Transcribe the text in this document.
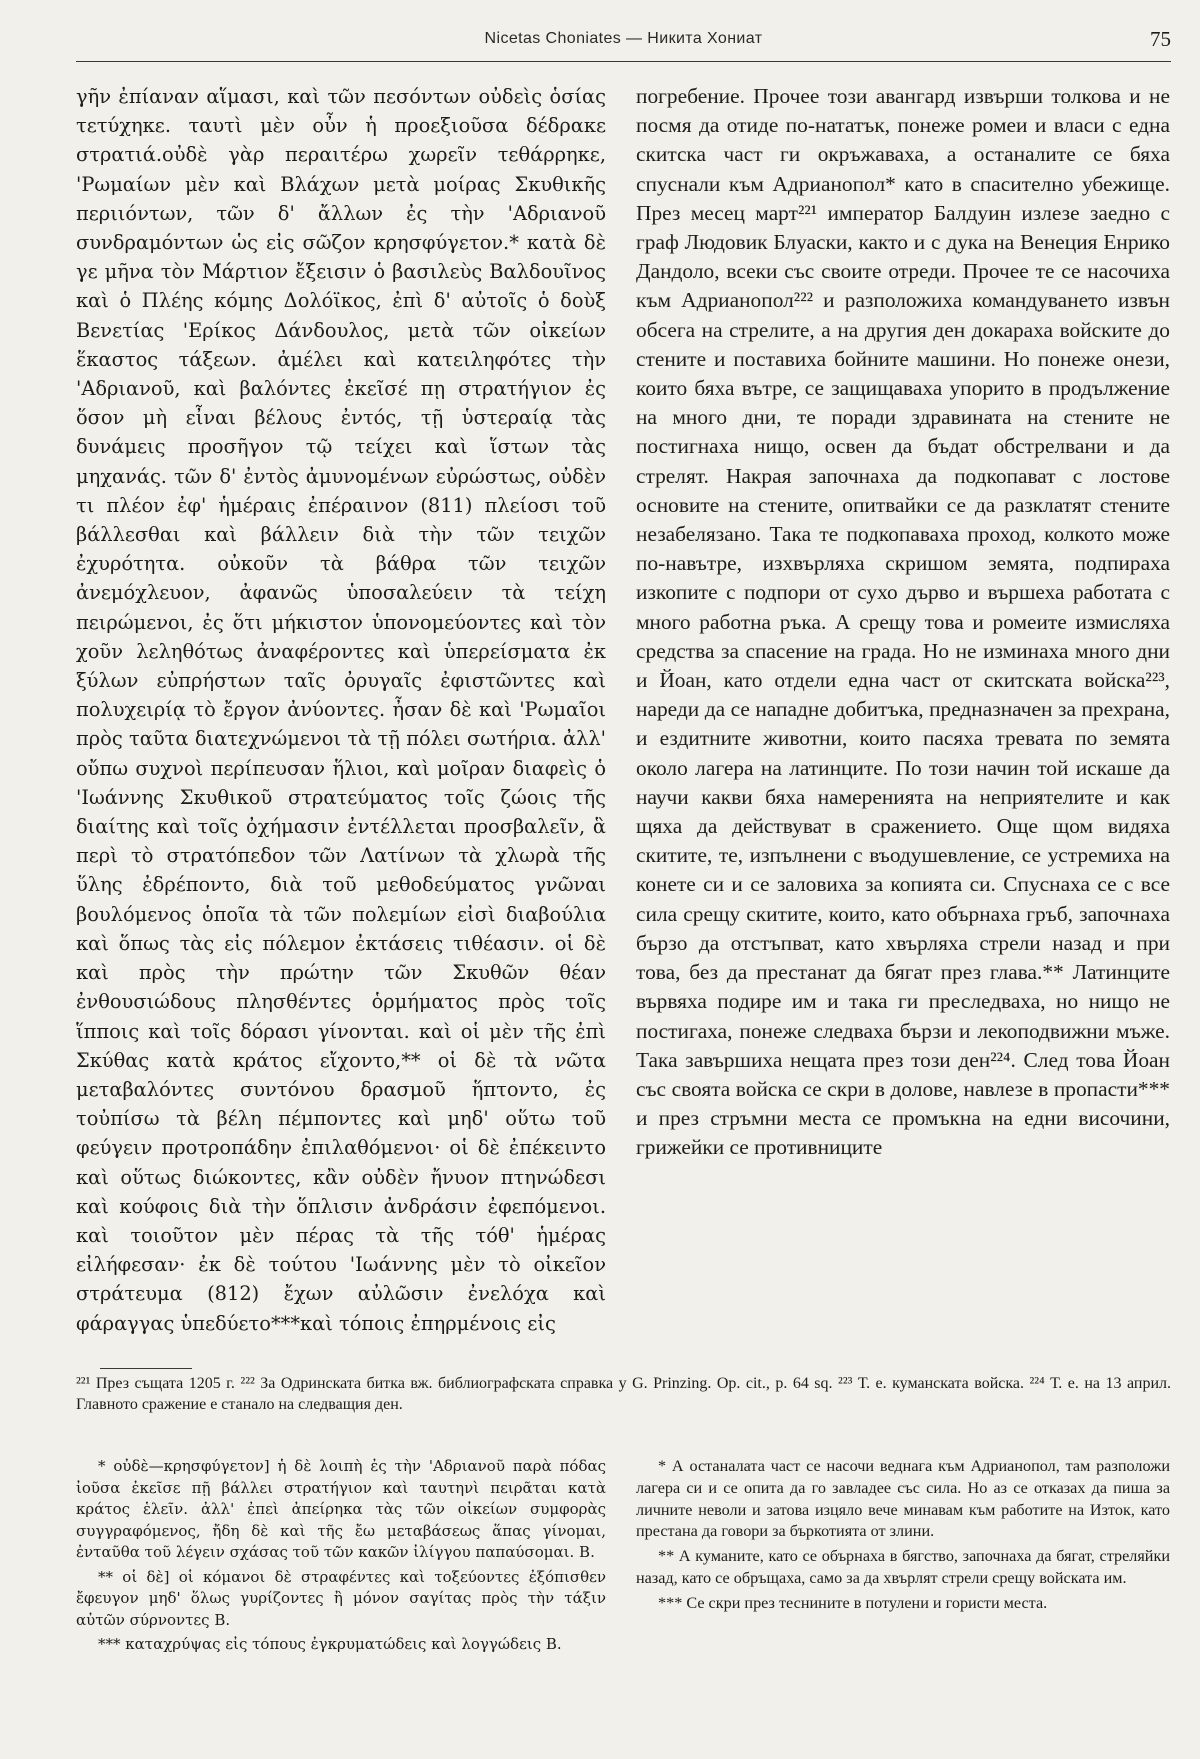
Nicetas Choniates — Никита Хониат	75

γῆν ἐπίαναν αἵμασι, καὶ τῶν πεσόντων οὐδεὶς ὁσίας τετύχηκε. ταυτὶ μὲν οὖν ἡ προεξιοῦσα δέδρακε στρατιά.οὐδὲ γὰρ περαιτέρω χωρεῖν τεθάρρηκε, 'Ρωμαίων μὲν καὶ Βλάχων μετὰ μοίρας Σκυθικῆς περιιόντων, τῶν δ' ἄλλων ἐς τὴν 'Αδριανοῦ συνδραμόντων ὡς εἰς σῶζον κρησφύγετον.* κατὰ δὲ γε μῆνα τὸν Μάρτιον ἔξεισιν ὁ βασιλεὺς Βαλδουῖνος καὶ ὁ Πλέης κόμης Δολόϊκος, ἐπὶ δ' αὐτοῖς ὁ δοὺξ Βενετίας 'Ερίκος Δάνδουλος, μετὰ τῶν οἰκείων ἕκαστος τάξεων. ἀμέλει καὶ κατειληφότες τὴν 'Αδριανοῦ, καὶ βαλόντες ἐκεῖσέ πῃ στρατήγιον ἐς ὅσον μὴ εἶναι βέλους ἐντός, τῇ ὑστεραίᾳ τὰς δυνάμεις προσῆγον τῷ τείχει καὶ ἵστων τὰς μηχανάς. τῶν δ' ἐντὸς ἀμυνομένων εὐρώστως, οὐδὲν τι πλέον ἐφ' ἡμέραις ἐπέραινον (811) πλείοσι τοῦ βάλλεσθαι καὶ βάλλειν διὰ τὴν τῶν τειχῶν ἐχυρότητα. οὐκοῦν τὰ βάθρα τῶν τειχῶν ἀνεμόχλευον, ἀφανῶς ὑποσαλεύειν τὰ τείχη πειρώμενοι, ἐς ὅτι μήκιστον ὑπονομεύοντες καὶ τὸν χοῦν λεληθότως ἀναφέροντες καὶ ὑπερείσματα ἐκ ξύλων εὐπρήστων ταῖς ὀρυγαῖς ἐφιστῶντες καὶ πολυχειρίᾳ τὸ ἔργον ἀνύοντες. ἦσαν δὲ καὶ 'Ρωμαῖοι πρὸς ταῦτα διατεχνώμενοι τὰ τῇ πόλει σωτήρια. ἀλλ' οὔπω συχνοὶ περίπευσαν ἥλιοι, καὶ μοῖραν διαφεὶς ὁ 'Ιωάννης Σκυθικοῦ στρατεύματος τοῖς ζώοις τῆς διαίτης καὶ τοῖς ὀχήμασιν ἐντέλλεται προσβαλεῖν, ἃ περὶ τὸ στρατόπεδον τῶν Λατίνων τὰ χλωρὰ τῆς ὕλης ἐδρέποντο, διὰ τοῦ μεθοδεύματος γνῶναι βουλόμενος ὁποῖα τὰ τῶν πολεμίων εἰσὶ διαβούλια καὶ ὅπως τὰς εἰς πόλεμον ἐκτάσεις τιθέασιν. οἱ δὲ καὶ πρὸς τὴν πρώτην τῶν Σκυθῶν θέαν ἐνθουσιώδους πλησθέντες ὁρμήματος πρὸς τοῖς ἵπποις καὶ τοῖς δόρασι γίνονται. καὶ οἱ μὲν τῆς ἐπὶ Σκύθας κατὰ κράτος εἴχοντο,** οἱ δὲ τὰ νῶτα μεταβαλόντες συντόνου δρασμοῦ ἥπτοντο, ἐς τοὐπίσω τὰ βέλη πέμποντες καὶ μηδ' οὕτω τοῦ φεύγειν προτροπάδην ἐπιλαθόμενοι· οἱ δὲ ἐπέκειντο καὶ οὕτως διώκοντες, κἂν οὐδὲν ἤνυον πτηνώδεσι καὶ κούφοις διὰ τὴν ὅπλισιν ἀνδράσιν ἐφεπόμενοι. καὶ τοιοῦτον μὲν πέρας τὰ τῆς τόθ' ἡμέρας εἰλήφεσαν· ἐκ δὲ τούτου 'Ιωάννης μὲν τὸ οἰκεῖον στράτευμα (812) ἔχων αὐλῶσιν ἐνελόχα καὶ φάραγγας ὑπεδύετο***καὶ τόποις ἐπηρμένοις εἰς

погребение. Прочее този авангард извърши толкова и не посмя да отиде по-нататък, понеже ромеи и власи с една скитска част ги окръжаваха, а останалите се бяха спуснали към Адрианопол* като в спасително убежище. През месец март²²¹ император Балдуин излезе заедно с граф Людовик Блуаски, както и с дука на Венеция Енрико Дандоло, всеки със своите отреди. Прочее те се насочиха към Адрианопол²²² и разположиха командуването извън обсега на стрелите, а на другия ден докараха войските до стените и поставиха бойните машини. Но понеже онези, които бяха вътре, се защищаваха упорито в продължение на много дни, те поради здравината на стените не постигнаха нищо, освен да бъдат обстрелвани и да стрелят. Накрая започнаха да подкопават с лостове основите на стените, опитвайки се да разклатят стените незабелязано. Така те подкопаваха проход, колкото може по-навътре, изхвърляха скришом земята, подпираха изкопите с подпори от сухо дърво и вършеха работата с много работна ръка. А срещу това и ромеите измисляха средства за спасение на града. Но не изминаха много дни и Йоан, като отдели една част от скитската войска²²³, нареди да се нападне добитъка, предназначен за прехрана, и ездитните животни, които пасяха тревата по земята около лагера на латинците. По този начин той искаше да научи какви бяха намеренията на неприятелите и как щяха да действуват в сражението. Още щом видяха скитите, те, изпълнени с въодушевление, се устремиха на конете си и се заловиха за копията си. Спуснаха се с все сила срещу скитите, които, като обърнаха гръб, започнаха бързо да отстъпват, като хвърляха стрели назад и при това, без да престанат да бягат през глава.** Латинците вървяха подире им и така ги преследваха, но нищо не постигаха, понеже следваха бързи и лекоподвижни мъже. Така завършиха нещата през този ден²²⁴. След това Йоан със своята войска се скри в долове, навлезе в пропасти*** и през стръмни места се промъкна на едни височини, грижейки се противниците

²²¹ През същата 1205 г. ²²² За Одринската битка вж. библиографската справка у G. Prinzing. Op. cit., p. 64 sq. ²²³ Т. е. куманската войска. ²²⁴ Т. е. на 13 април. Главното сражение е станало на следващия ден.

* οὐδὲ—κρησφύγετον] ἡ δὲ λοιπὴ ἐς τὴν 'Αδριανοῦ παρὰ πόδας ἰοῦσα ἐκεῖσε πῇ βάλλει στρατήγιον καὶ ταυτηνὶ πειρᾶται κατὰ κράτος ἑλεῖν. ἀλλ' ἐπεὶ ἀπείρηκα τὰς τῶν οἰκείων συμφορὰς συγγραφόμενος, ἤδη δὲ καὶ τῆς ἔω μεταβάσεως ἅπας γίνομαι, ἐνταῦθα τοῦ λέγειν σχάσας τοῦ τῶν κακῶν ἰλίγγου παπαύσομαι. B.

** οἱ δὲ] οἱ κόμανοι δὲ στραφέντες καὶ τοξεύοντες ἐξόπισθεν ἔφευγον μηδ' ὅλως γυρίζοντες ἢ μόνον σαγίτας πρὸς τὴν τάξιν αὐτῶν σύρνοντες B.

*** καταχρύψας εἰς τόπους ἐγκρυματώδεις καὶ λογγώδεις B.

* А останалата част се насочи веднага към Адрианопол, там разположи лагера си и се опита да го завладее със сила. Но аз се отказах да пиша за личните неволи и затова изцяло вече минавам към работите на Изток, като престана да говори за бъркотията от злини.

** А куманите, като се обърнаха в бягство, започнаха да бягат, стреляйки назад, като се обръщаха, само за да хвърлят стрели срещу войската им.

*** Се скри през теснините в потулени и гористи места.
